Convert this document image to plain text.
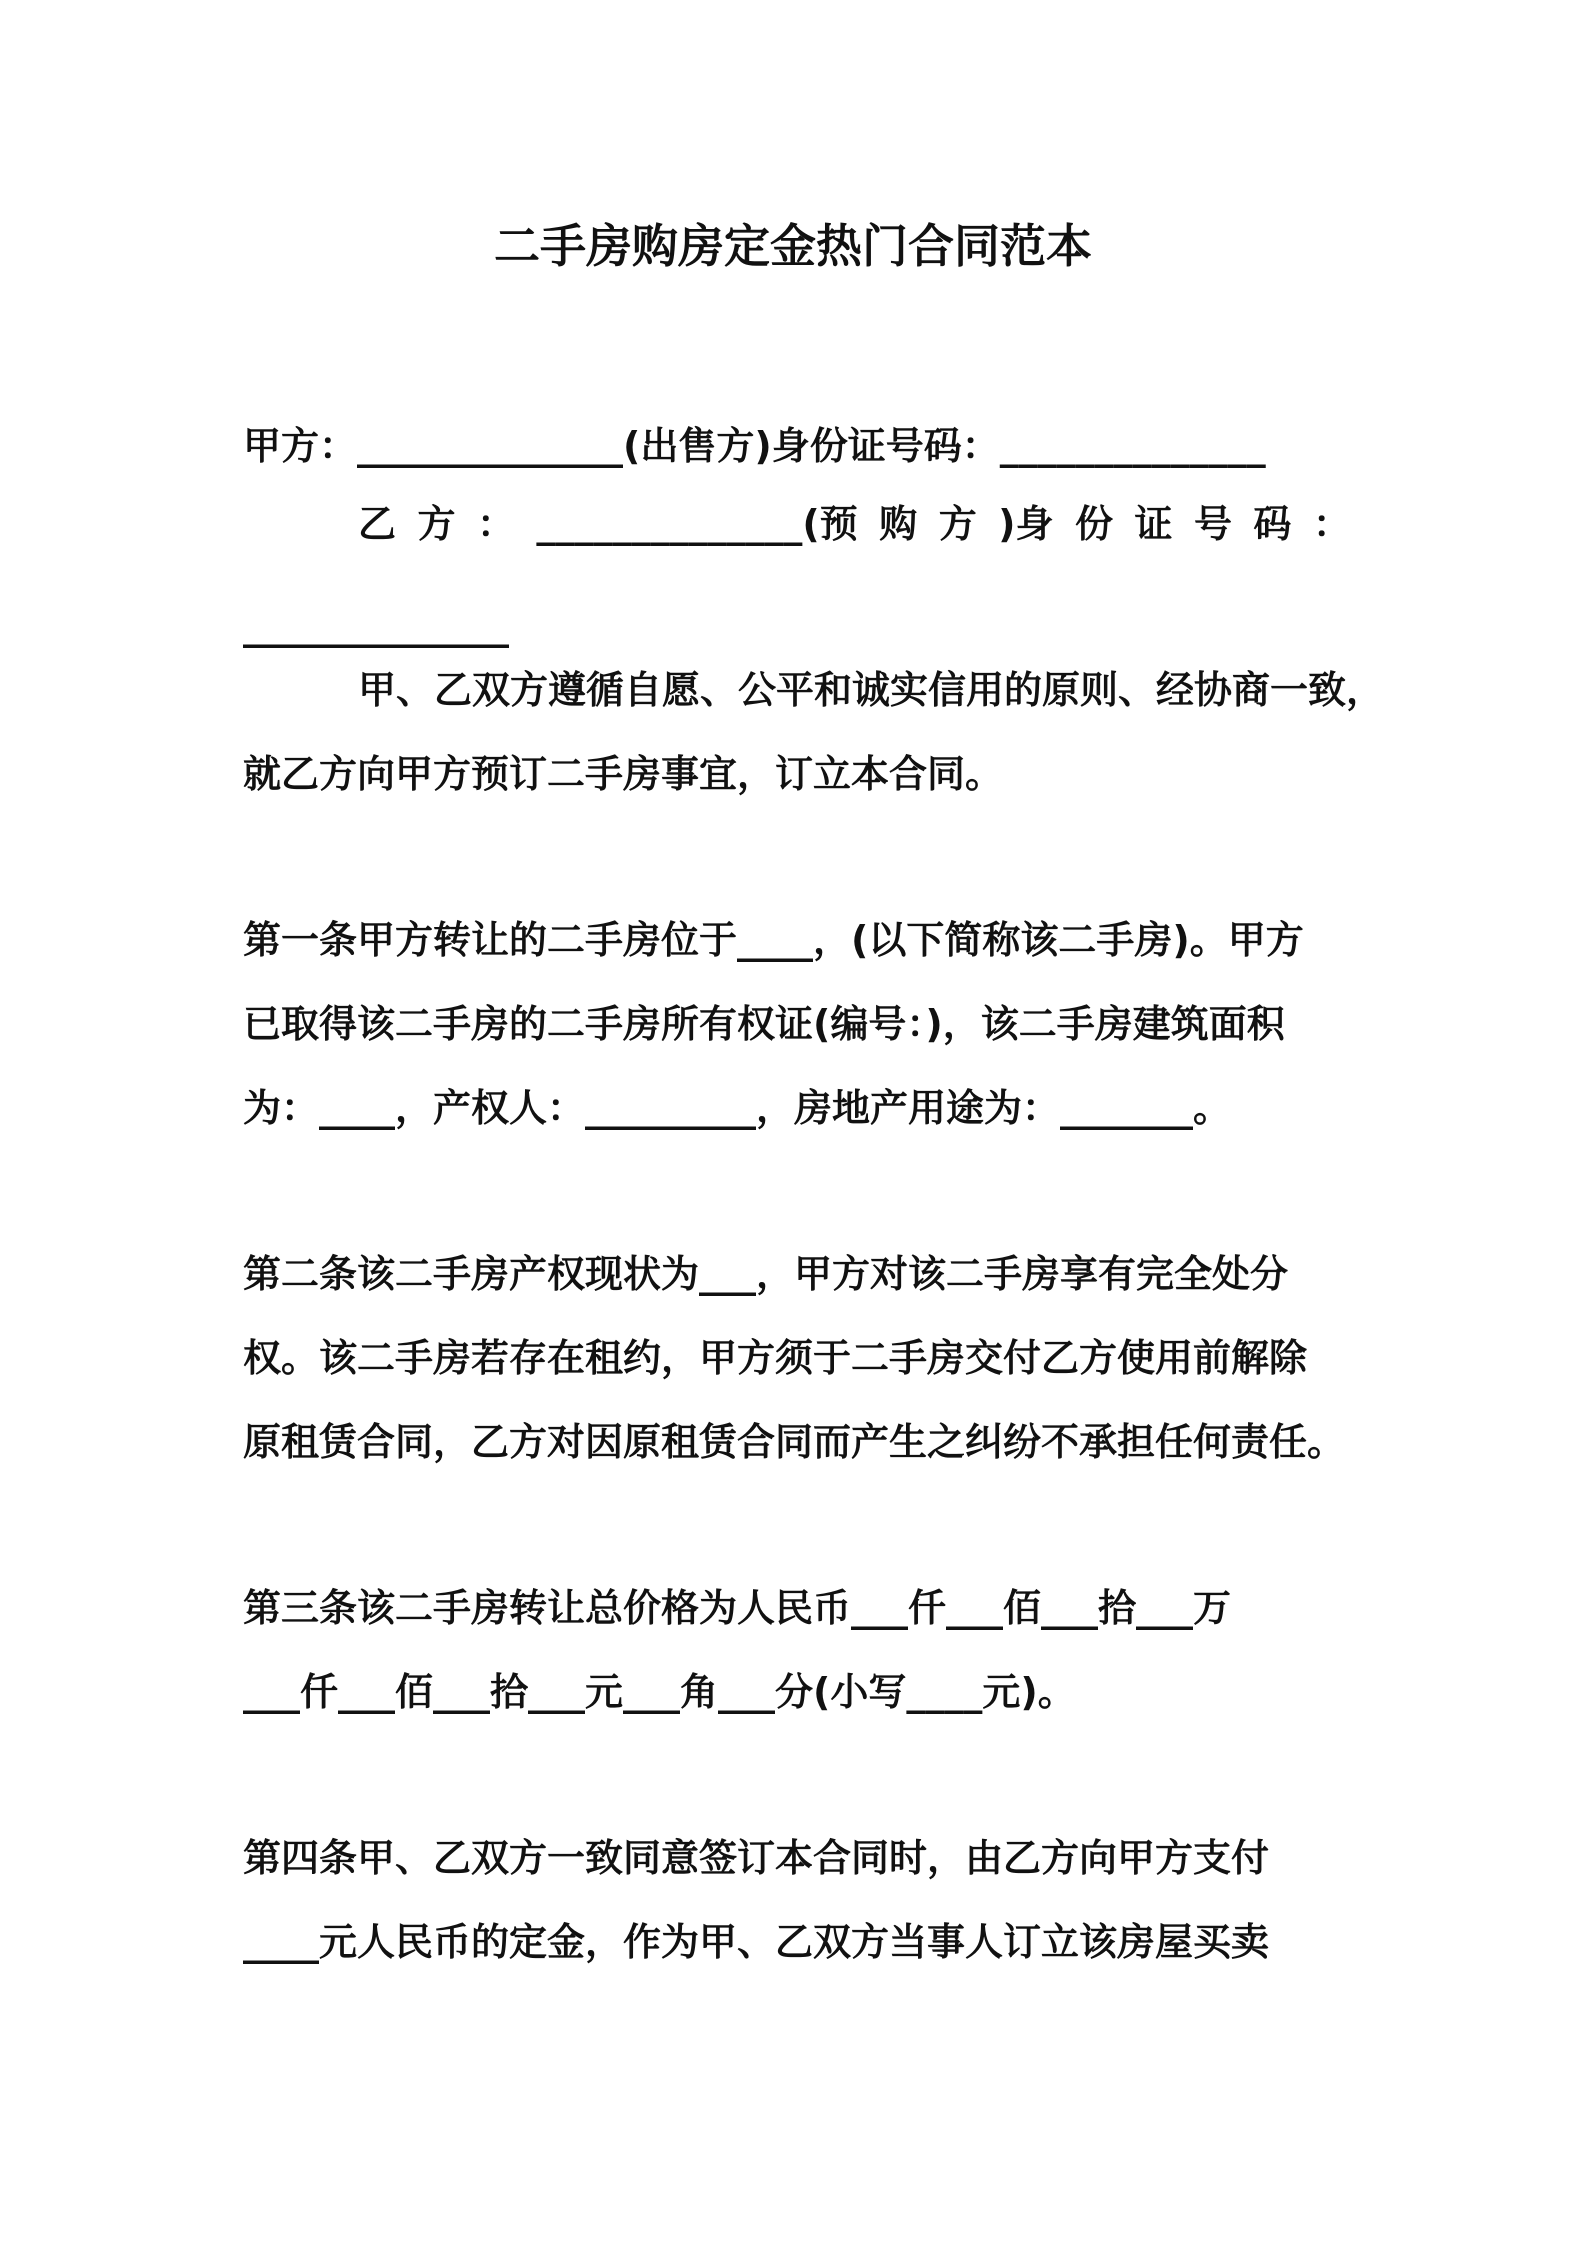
二手房购房定金热门合同范本
甲方：______________(出售方)身份证号码：______________
乙 方 ： ______________(预 购 方 )身 份 证 号 码 ：
______________
甲、乙双方遵循自愿、公平和诚实信用的原则、经协商一致，
就乙方向甲方预订二手房事宜，订立本合同。
第一条甲方转让的二手房位于____，(以下简称该二手房)。甲方
已取得该二手房的二手房所有权证(编号：)，该二手房建筑面积
为：____，产权人：_________，房地产用途为：_______。
第二条该二手房产权现状为___，甲方对该二手房享有完全处分
权。该二手房若存在租约，甲方须于二手房交付乙方使用前解除
原租赁合同，乙方对因原租赁合同而产生之纠纷不承担任何责任。
第三条该二手房转让总价格为人民币___仟___佰___拾___万
___仟___佰___拾___元___角___分(小写____元)。
第四条甲、乙双方一致同意签订本合同时，由乙方向甲方支付
____元人民币的定金，作为甲、乙双方当事人订立该房屋买卖
